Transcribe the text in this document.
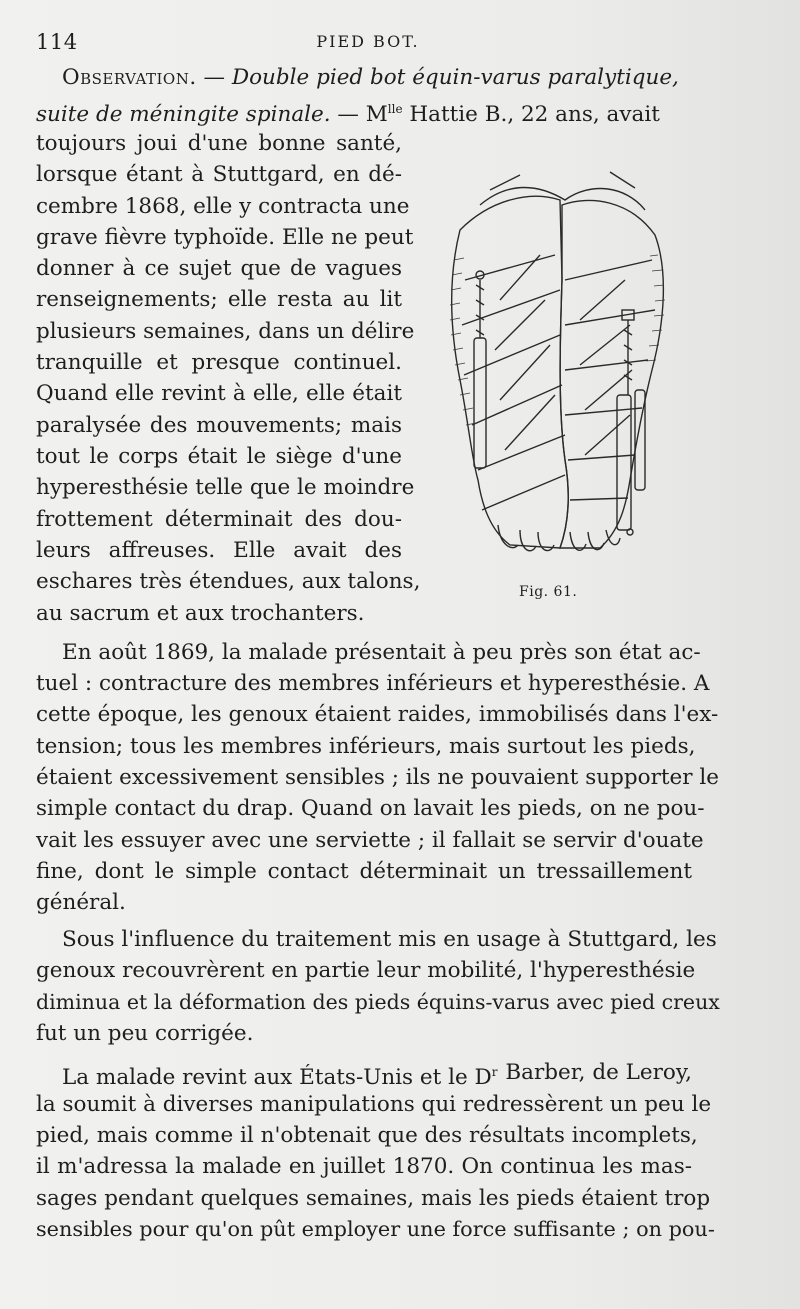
114	PIED BOT.
Observation. — Double pied bot équin-varus paralytique,
suite de méningite spinale. — $M^{lle}$ Hattie B., 22 ans, avait
toujours joui d'une bonne santé,
lorsque étant à Stuttgard, en dé-
cembre 1868, elle y contracta une
grave fièvre typhoïde. Elle ne peut
donner à ce sujet que de vagues
renseignements; elle resta au lit
plusieurs semaines, dans un délire
tranquille et presque continuel.
Quand elle revint à elle, elle était
paralysée des mouvements; mais
tout le corps était le siège d'une
hyperesthésie telle que le moindre
frottement déterminait des dou-
leurs affreuses. Elle avait des
eschares très étendues, aux talons,
au sacrum et aux trochanters.
En août 1869, la malade présentait à peu près son état ac-
tuel : contracture des membres inférieurs et hyperesthésie. A
cette époque, les genoux étaient raides, immobilisés dans l'ex-
tension; tous les membres inférieurs, mais surtout les pieds,
étaient excessivement sensibles ; ils ne pouvaient supporter le
simple contact du drap. Quand on lavait les pieds, on ne pou-
vait les essuyer avec une serviette ; il fallait se servir d'ouate
fine, dont le simple contact déterminait un tressaillement
général.
Sous l'influence du traitement mis en usage à Stuttgard, les
genoux recouvrèrent en partie leur mobilité, l'hyperesthésie
diminua et la déformation des pieds équins-varus avec pied creux
fut un peu corrigée.
La malade revint aux États-Unis et le $D^r$ Barber, de Leroy,
la soumit à diverses manipulations qui redressèrent un peu le
pied, mais comme il n'obtenait que des résultats incomplets,
il m'adressa la malade en juillet 1870. On continua les mas-
sages pendant quelques semaines, mais les pieds étaient trop
sensibles pour qu'on pût employer une force suffisante ; on pou-
Fig. 61.
